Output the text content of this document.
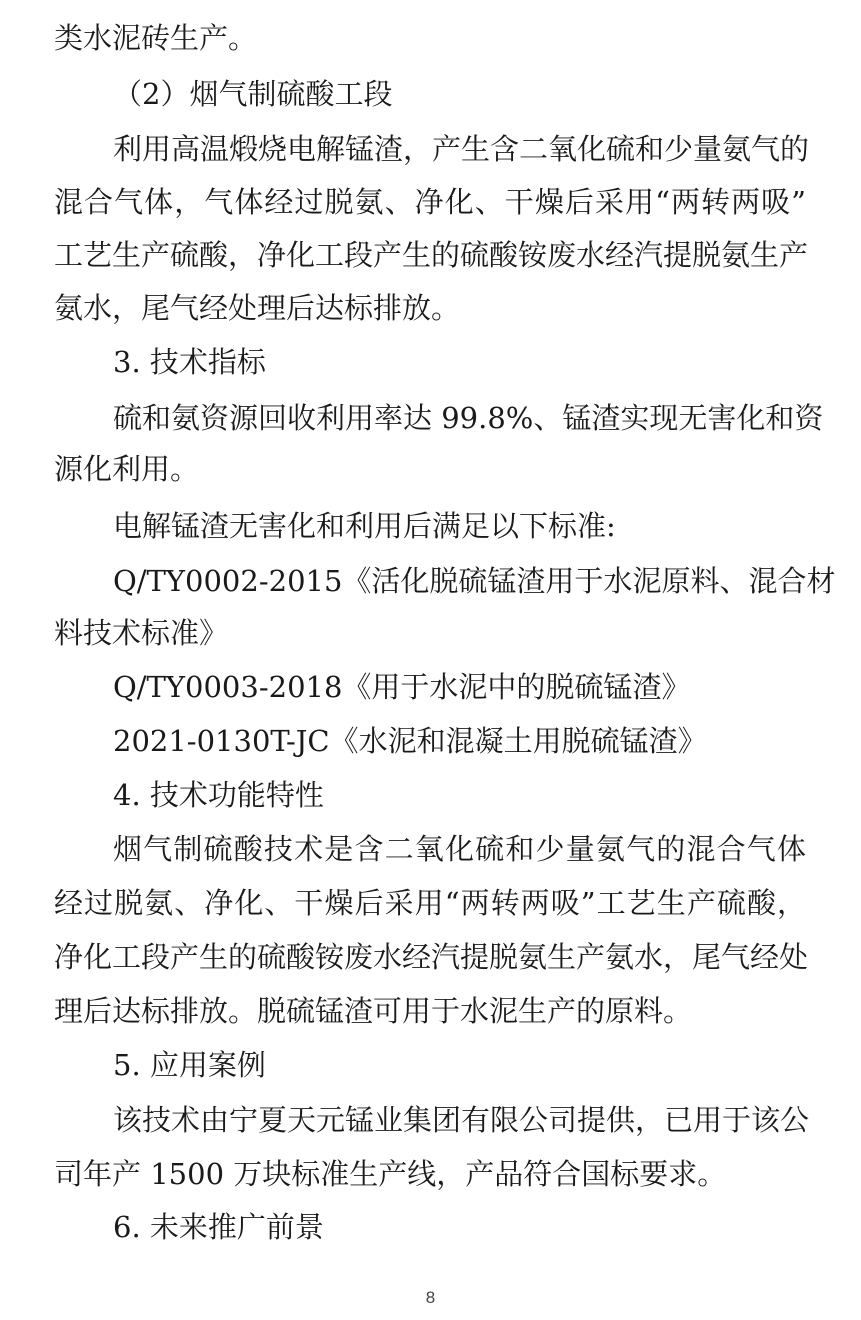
类水泥砖生产。
（2）烟气制硫酸工段
利用高温煅烧电解锰渣，产生含二氧化硫和少量氨气的
混合气体，气体经过脱氨、净化、干燥后采用“两转两吸”
工艺生产硫酸，净化工段产生的硫酸铵废水经汽提脱氨生产
氨水，尾气经处理后达标排放。
3. 技术指标
硫和氨资源回收利用率达 99.8%、锰渣实现无害化和资
源化利用。
电解锰渣无害化和利用后满足以下标准:
Q/TY0002-2015《活化脱硫锰渣用于水泥原料、混合材
料技术标准》
Q/TY0003-2018《用于水泥中的脱硫锰渣》
2021-0130T-JC《水泥和混凝土用脱硫锰渣》
4. 技术功能特性
烟气制硫酸技术是含二氧化硫和少量氨气的混合气体
经过脱氨、净化、干燥后采用“两转两吸”工艺生产硫酸，
净化工段产生的硫酸铵废水经汽提脱氨生产氨水，尾气经处
理后达标排放。脱硫锰渣可用于水泥生产的原料。
5. 应用案例
该技术由宁夏天元锰业集团有限公司提供，已用于该公
司年产 1500 万块标准生产线，产品符合国标要求。
6. 未来推广前景
8
